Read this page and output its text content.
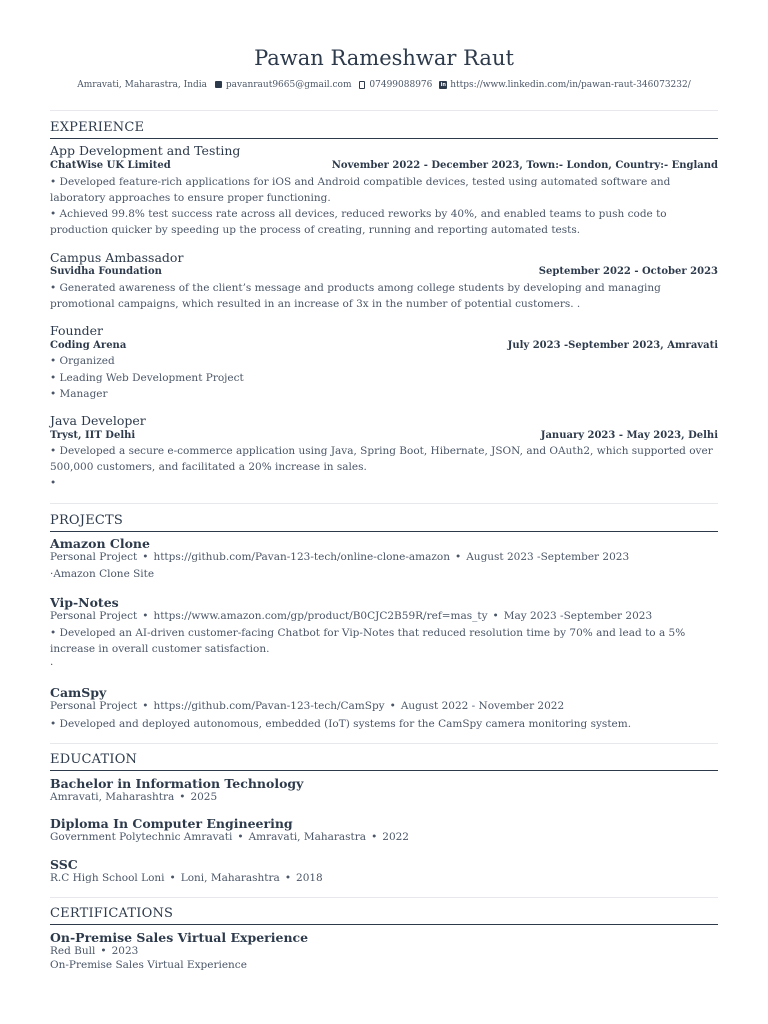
Pawan Rameshwar Raut
Amravati, Maharastra, India pavanraut9665@gmail.com 07499088976 in https://www.linkedin.com/in/pawan-raut-346073232/
EXPERIENCE
App Development and Testing
ChatWise UK Limited	November 2022 - December 2023, Town:- London, Country:- England
• Developed feature-rich applications for iOS and Android compatible devices, tested using automated software and laboratory approaches to ensure proper functioning.
• Achieved 99.8% test success rate across all devices, reduced reworks by 40%, and enabled teams to push code to production quicker by speeding up the process of creating, running and reporting automated tests.
Campus Ambassador
Suvidha Foundation	September 2022 - October 2023
• Generated awareness of the client’s message and products among college students by developing and managing promotional campaigns, which resulted in an increase of 3x in the number of potential customers. .
Founder
Coding Arena	July 2023 -September 2023, Amravati
• Organized
• Leading Web Development Project
• Manager
Java Developer
Tryst, IIT Delhi	January 2023 - May 2023, Delhi
• Developed a secure e-commerce application using Java, Spring Boot, Hibernate, JSON, and OAuth2, which supported over 500,000 customers, and facilitated a 20% increase in sales.
•
PROJECTS
Amazon Clone
Personal Project • https://github.com/Pavan-123-tech/online-clone-amazon • August 2023 -September 2023
·Amazon Clone Site
Vip-Notes
Personal Project • https://www.amazon.com/gp/product/B0CJC2B59R/ref=mas_ty • May 2023 -September 2023
• Developed an AI-driven customer-facing Chatbot for Vip-Notes that reduced resolution time by 70% and lead to a 5% increase in overall customer satisfaction.
·
CamSpy
Personal Project • https://github.com/Pavan-123-tech/CamSpy • August 2022 - November 2022
• Developed and deployed autonomous, embedded (IoT) systems for the CamSpy camera monitoring system.
EDUCATION
Bachelor in Information Technology
Amravati, Maharashtra • 2025
Diploma In Computer Engineering
Government Polytechnic Amravati • Amravati, Maharastra • 2022
SSC
R.C High School Loni • Loni, Maharashtra • 2018
CERTIFICATIONS
On-Premise Sales Virtual Experience
Red Bull • 2023
On-Premise Sales Virtual Experience
